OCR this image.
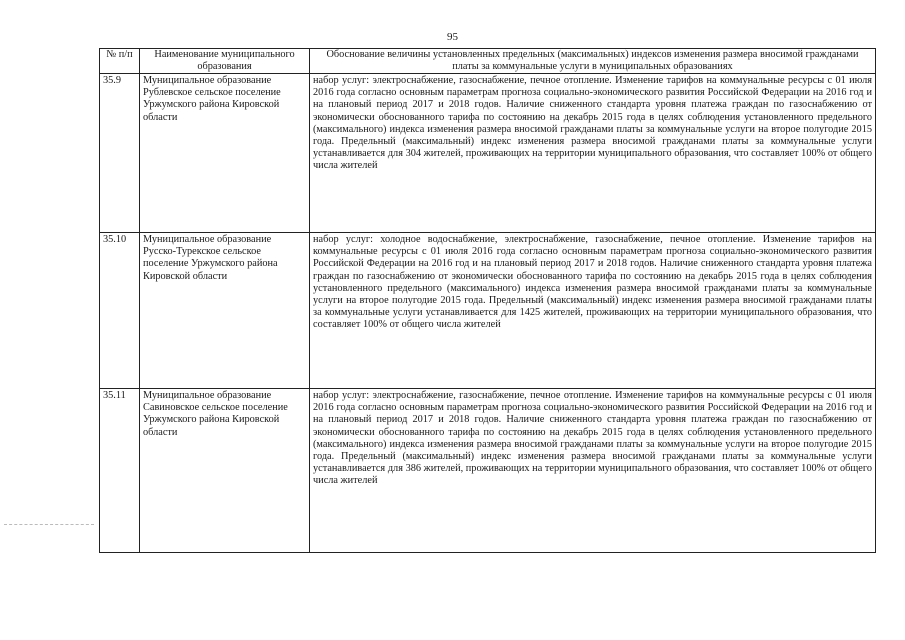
95
№ п/п	Наименование муниципального образования	Обоснование величины установленных предельных (максимальных) индексов изменения размера вносимой гражданами платы за коммунальные услуги в муниципальных образованиях
35.9	Муниципальное образование Рублевское сельское поселение Уржумского района Кировской области	набор услуг: электроснабжение, газоснабжение, печное отопление. Изменение тарифов на коммунальные ресурсы с 01 июля 2016 года согласно основным параметрам прогноза социально-экономического развития Российской Федерации на 2016 год и на плановый период 2017 и 2018 годов. Наличие сниженного стандарта уровня платежа граждан по газоснабжению от экономически обоснованного тарифа по состоянию на декабрь 2015 года в целях соблюдения установленного предельного (максимального) индекса изменения размера вносимой гражданами платы за коммунальные услуги на второе полугодие 2015 года. Предельный (максимальный) индекс изменения размера вносимой гражданами платы за коммунальные услуги устанавливается для 304 жителей, проживающих на территории муниципального образования, что составляет 100% от общего числа жителей
35.10	Муниципальное образование Русско-Турекское сельское поселение Уржумского района Кировской области	набор услуг: холодное водоснабжение, электроснабжение, газоснабжение, печное отопление. Изменение тарифов на коммунальные ресурсы с 01 июля 2016 года согласно основным параметрам прогноза социально-экономического развития Российской Федерации на 2016 год и на плановый период 2017 и 2018 годов. Наличие сниженного стандарта уровня платежа граждан по газоснабжению от экономически обоснованного тарифа по состоянию на декабрь 2015 года в целях соблюдения установленного предельного (максимального) индекса изменения размера вносимой гражданами платы за коммунальные услуги на второе полугодие 2015 года. Предельный (максимальный) индекс изменения размера вносимой гражданами платы за коммунальные услуги устанавливается для 1425 жителей, проживающих на территории муниципального образования, что составляет 100% от общего числа жителей
35.11	Муниципальное образование Савиновское сельское поселение Уржумского района Кировской области	набор услуг: электроснабжение, газоснабжение, печное отопление. Изменение тарифов на коммунальные ресурсы с 01 июля 2016 года согласно основным параметрам прогноза социально-экономического развития Российской Федерации на 2016 год и на плановый период 2017 и 2018 годов. Наличие сниженного стандарта уровня платежа граждан по газоснабжению от экономически обоснованного тарифа по состоянию на декабрь 2015 года в целях соблюдения установленного предельного (максимального) индекса изменения размера вносимой гражданами платы за коммунальные услуги на второе полугодие 2015 года. Предельный (максимальный) индекс изменения размера вносимой гражданами платы за коммунальные услуги устанавливается для 386 жителей, проживающих на территории муниципального образования, что составляет 100% от общего числа жителей
